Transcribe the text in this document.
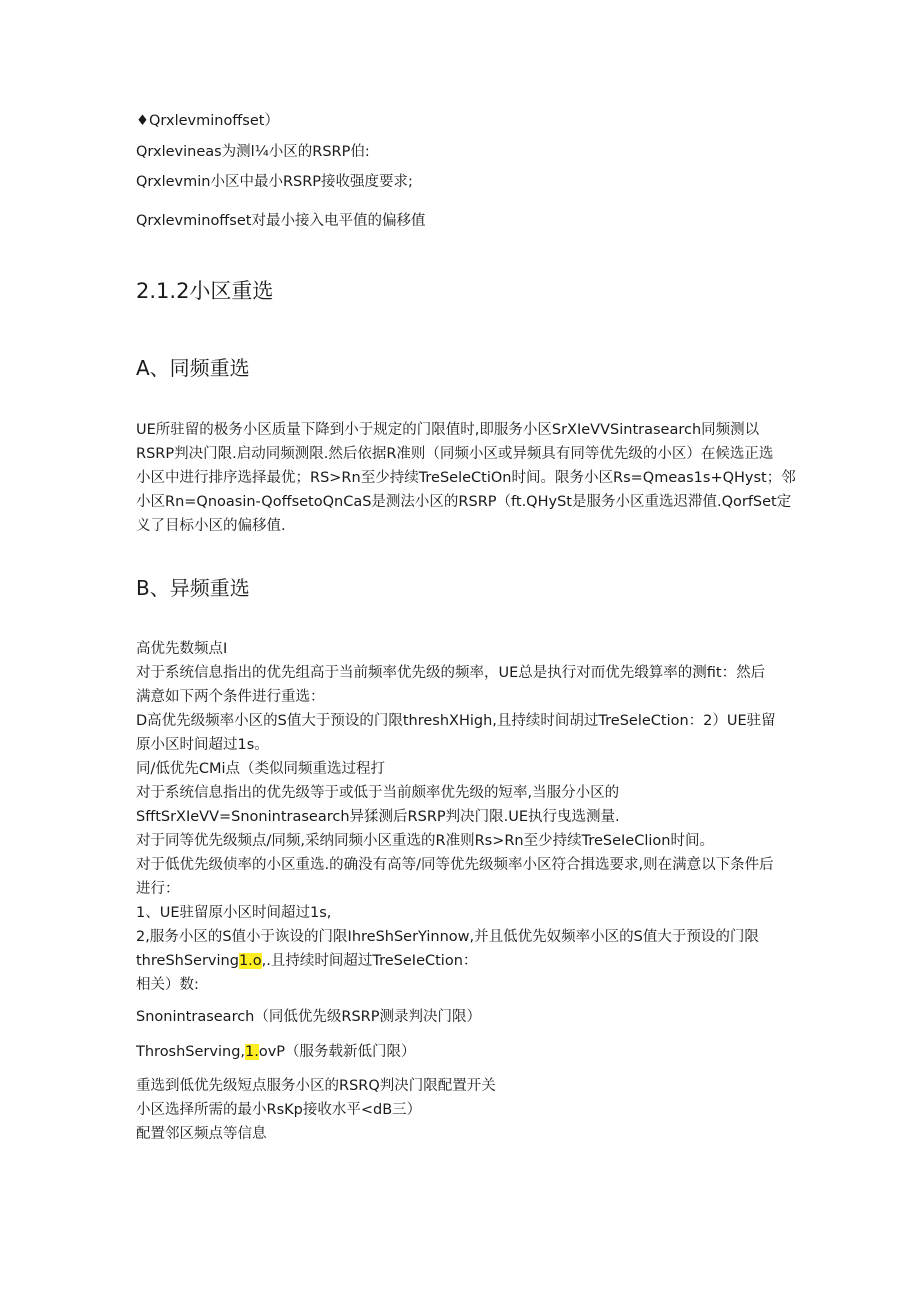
♦Qrxlevminoffset）
Qrxlevineas为测l¼小区的RSRP伯:
Qrxlevmin小区中最小RSRP接收强度要求;
Qrxlevminoffset对最小接入电平值的偏移值
2.1.2小区重选
A、同频重选
UE所驻留的极务小区质量下降到小于规定的门限值时,即服务小区SrXIeVVSintrasearch同频测以
RSRP判决门限.启动同频测限.然后依据R准则（同频小区或异频具有同等优先级的小区）在候选正选
小区中进行排序选择最优；RS>Rn至少持续TreSeleCtiOn时间。限务小区Rs=Qmeas1s+QHyst；邻
小区Rn=Qnoasin-QoffsetoQnCaS是测法小区的RSRP（ft.QHySt是服务小区重选迟滞值.QorfSet定
义了目标小区的偏移值.
B、异频重选
高优先数频点I
对于系统信息指出的优先组高于当前频率优先级的频率，UE总是执行对而优先缎算率的测fit：然后
满意如下两个条件进行重选：
D高优先级频率小区的S值大于预设的门限threshXHigh,且持续时间胡过TreSeleCtion：2）UE驻留
原小区时间超过1s。
同/低优先CMi点（类似同频重选过程打
对于系统信息指出的优先级等于或低于当前颇率优先级的短率,当服分小区的
SfftSrXIeVV=Snonintrasearch异猱测后RSRP判决门限.UE执行曳选测量.
对于同等优先级频点/同频,采纳同频小区重选的R准则Rs>Rn至少持续TreSeIeClion时间。
对于低优先级侦率的小区重选.的确没有高等/同等优先级频率小区符合揖选要求,则在满意以下条件后
进行：
1、UE驻留原小区时间超过1s,
2,服务小区的S值小于诙设的门限IhreShSerYinnow,并且低优先奴频率小区的S值大于预设的门限
threShServing1.o,.且持续时间超过TreSeIeCtion：
相关）数:
Snonintrasearch（同低优先级RSRP测录判决门限）
ThroshServing,1.ovP（服务载新低门限）
重选到低优先级短点服务小区的RSRQ判决门限配置开关
小区选择所需的最小RsKp接收水平<dB三）
配置邻区频点等信息
